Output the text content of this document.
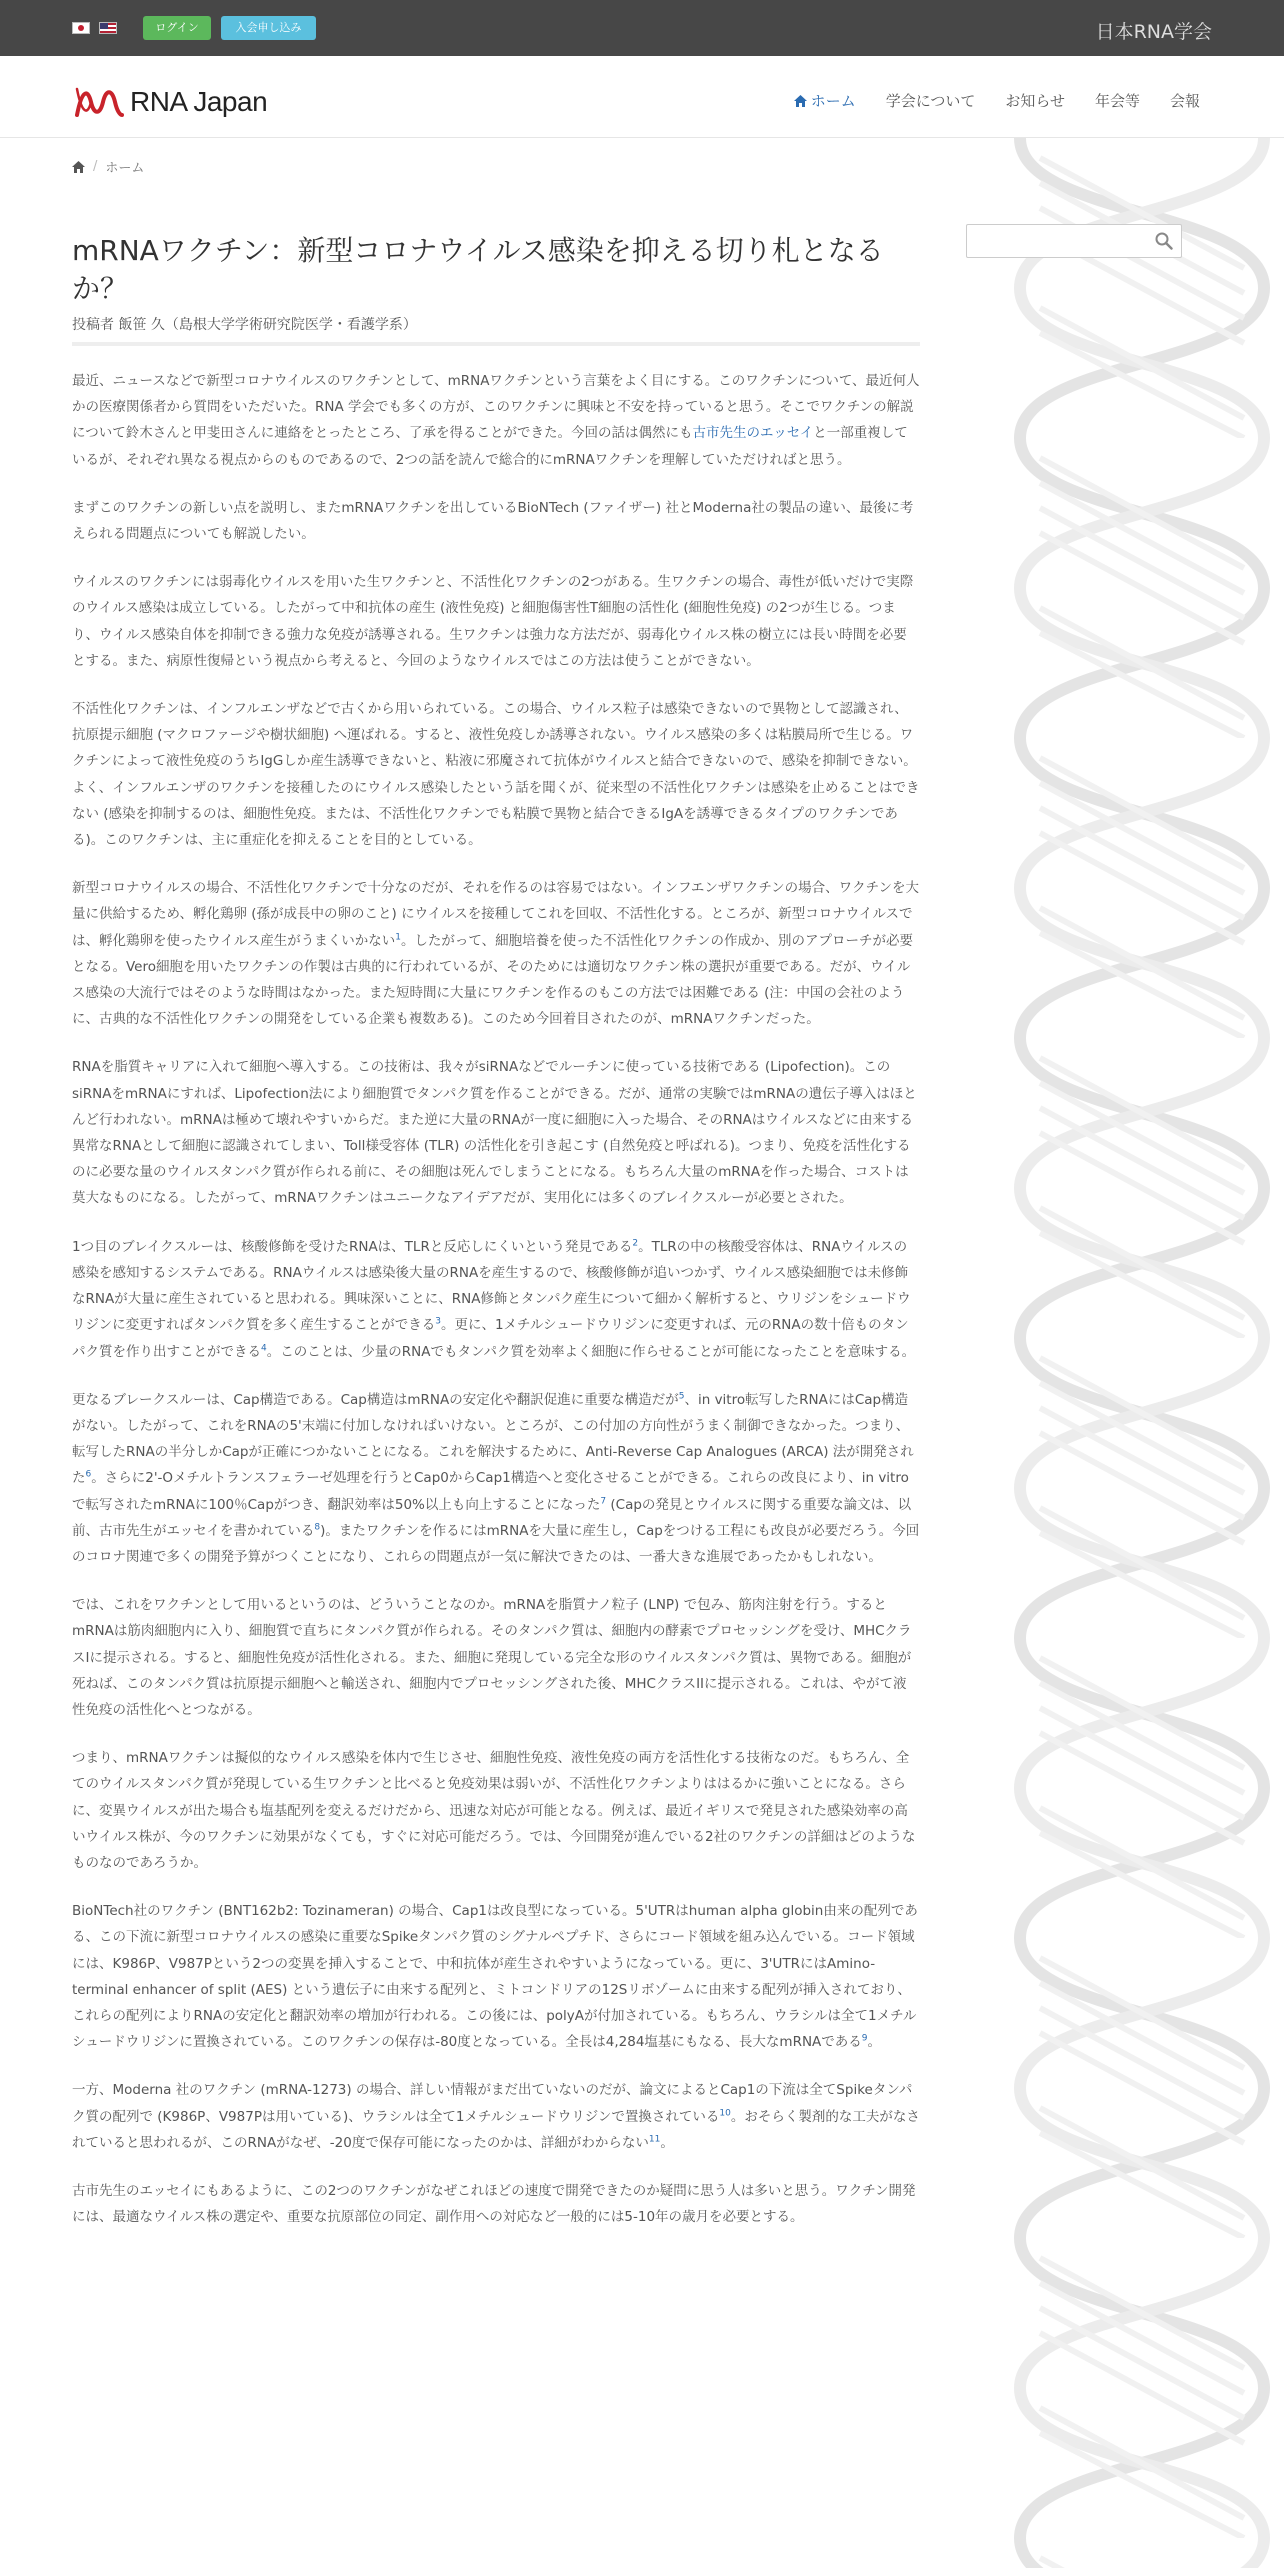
ログイン	入会申し込み	日本RNA学会
RNA Japan	ホーム 学会について お知らせ 年会等 会報
/ ホーム
mRNAワクチン：新型コロナウイルス感染を抑える切り札となるか？
投稿者 飯笹 久（島根大学学術研究院医学・看護学系）

最近、ニュースなどで新型コロナウイルスのワクチンとして、mRNAワクチンという言葉をよく目にする。このワクチンについて、最近何人かの医療関係者から質問をいただいた。RNA 学会でも多くの方が、このワクチンに興味と不安を持っていると思う。そこでワクチンの解説について鈴木さんと甲斐田さんに連絡をとったところ、了承を得ることができた。今回の話は偶然にも古市先生のエッセイと一部重複しているが、それぞれ異なる視点からのものであるので、2つの話を読んで総合的にmRNAワクチンを理解していただければと思う。

まずこのワクチンの新しい点を説明し、またmRNAワクチンを出しているBioNTech (ファイザー) 社とModerna社の製品の違い、最後に考えられる問題点についても解説したい。

ウイルスのワクチンには弱毒化ウイルスを用いた生ワクチンと、不活性化ワクチンの2つがある。生ワクチンの場合、毒性が低いだけで実際のウイルス感染は成立している。したがって中和抗体の産生 (液性免疫) と細胞傷害性T細胞の活性化 (細胞性免疫) の2つが生じる。つまり、ウイルス感染自体を抑制できる強力な免疫が誘導される。生ワクチンは強力な方法だが、弱毒化ウイルス株の樹立には長い時間を必要とする。また、病原性復帰という視点から考えると、今回のようなウイルスではこの方法は使うことができない。

不活性化ワクチンは、インフルエンザなどで古くから用いられている。この場合、ウイルス粒子は感染できないので異物として認識され、抗原提示細胞 (マクロファージや樹状細胞) へ運ばれる。すると、液性免疫しか誘導されない。ウイルス感染の多くは粘膜局所で生じる。ワクチンによって液性免疫のうちIgGしか産生誘導できないと、粘液に邪魔されて抗体がウイルスと結合できないので、感染を抑制できない。よく、インフルエンザのワクチンを接種したのにウイルス感染したという話を聞くが、従来型の不活性化ワクチンは感染を止めることはできない (感染を抑制するのは、細胞性免疫。または、不活性化ワクチンでも粘膜で異物と結合できるIgAを誘導できるタイプのワクチンである)。このワクチンは、主に重症化を抑えることを目的としている。

新型コロナウイルスの場合、不活性化ワクチンで十分なのだが、それを作るのは容易ではない。インフエンザワクチンの場合、ワクチンを大量に供給するため、孵化鶏卵 (孫が成長中の卵のこと) にウイルスを接種してこれを回収、不活性化する。ところが、新型コロナウイルスでは、孵化鶏卵を使ったウイルス産生がうまくいかない$^1$。したがって、細胞培養を使った不活性化ワクチンの作成か、別のアプローチが必要となる。Vero細胞を用いたワクチンの作製は古典的に行われているが、そのためには適切なワクチン株の選択が重要である。だが、ウイルス感染の大流行ではそのような時間はなかった。また短時間に大量にワクチンを作るのもこの方法では困難である (注：中国の会社のように、古典的な不活性化ワクチンの開発をしている企業も複数ある)。このため今回着目されたのが、mRNAワクチンだった。

RNAを脂質キャリアに入れて細胞へ導入する。この技術は、我々がsiRNAなどでルーチンに使っている技術である (Lipofection)。このsiRNAをmRNAにすれば、Lipofection法により細胞質でタンパク質を作ることができる。だが、通常の実験ではmRNAの遺伝子導入はほとんど行われない。mRNAは極めて壊れやすいからだ。また逆に大量のRNAが一度に細胞に入った場合、そのRNAはウイルスなどに由来する異常なRNAとして細胞に認識されてしまい、Toll様受容体 (TLR) の活性化を引き起こす (自然免疫と呼ばれる)。つまり、免疫を活性化するのに必要な量のウイルスタンパク質が作られる前に、その細胞は死んでしまうことになる。もちろん大量のmRNAを作った場合、コストは莫大なものになる。したがって、mRNAワクチンはユニークなアイデアだが、実用化には多くのブレイクスルーが必要とされた。

1つ目のブレイクスルーは、核酸修飾を受けたRNAは、TLRと反応しにくいという発見である$^2$。TLRの中の核酸受容体は、RNAウイルスの感染を感知するシステムである。RNAウイルスは感染後大量のRNAを産生するので、核酸修飾が追いつかず、ウイルス感染細胞では未修飾なRNAが大量に産生されていると思われる。興味深いことに、RNA修飾とタンパク産生について細かく解析すると、ウリジンをシュードウリジンに変更すればタンパク質を多く産生することができる$^3$。更に、1メチルシュードウリジンに変更すれば、元のRNAの数十倍ものタンパク質を作り出すことができる$^4$。このことは、少量のRNAでもタンパク質を効率よく細胞に作らせることが可能になったことを意味する。

更なるブレークスルーは、Cap構造である。Cap構造はmRNAの安定化や翻訳促進に重要な構造だが$^5$、in vitro転写したRNAにはCap構造がない。したがって、これをRNAの5'末端に付加しなければいけない。ところが、この付加の方向性がうまく制御できなかった。つまり、転写したRNAの半分しかCapが正確につかないことになる。これを解決するために、Anti-Reverse Cap Analogues (ARCA) 法が開発された$^6$。さらに2'-Oメチルトランスフェラーゼ処理を行うとCap0からCap1構造へと変化させることができる。これらの改良により、in vitroで転写されたmRNAに100％Capがつき、翻訳効率は50%以上も向上することになった$^7$ (Capの発見とウイルスに関する重要な論文は、以前、古市先生がエッセイを書かれている$^8$)。またワクチンを作るにはmRNAを大量に産生し，Capをつける工程にも改良が必要だろう。今回のコロナ関連で多くの開発予算がつくことになり、これらの問題点が一気に解決できたのは、一番大きな進展であったかもしれない。

では、これをワクチンとして用いるというのは、どういうことなのか。mRNAを脂質ナノ粒子 (LNP) で包み、筋肉注射を行う。するとmRNAは筋肉細胞内に入り、細胞質で直ちにタンパク質が作られる。そのタンパク質は、細胞内の酵素でプロセッシングを受け、MHCクラスIに提示される。すると、細胞性免疫が活性化される。また、細胞に発現している完全な形のウイルスタンパク質は、異物である。細胞が死ねば、このタンパク質は抗原提示細胞へと輸送され、細胞内でプロセッシングされた後、MHCクラスIIに提示される。これは、やがて液性免疫の活性化へとつながる。

つまり、mRNAワクチンは擬似的なウイルス感染を体内で生じさせ、細胞性免疫、液性免疫の両方を活性化する技術なのだ。もちろん、全てのウイルスタンパク質が発現している生ワクチンと比べると免疫効果は弱いが、不活性化ワクチンよりははるかに強いことになる。さらに、変異ウイルスが出た場合も塩基配列を変えるだけだから、迅速な対応が可能となる。例えば、最近イギリスで発見された感染効率の高いウイルス株が、今のワクチンに効果がなくても，すぐに対応可能だろう。では、今回開発が進んでいる2社のワクチンの詳細はどのようなものなのであろうか。

BioNTech社のワクチン (BNT162b2: Tozinameran) の場合、Cap1は改良型になっている。5'UTRはhuman alpha globin由来の配列である、この下流に新型コロナウイルスの感染に重要なSpikeタンパク質のシグナルペプチド、さらにコード領域を組み込んでいる。コード領域には、K986P、V987Pという2つの変異を挿入することで、中和抗体が産生されやすいようになっている。更に、3'UTRにはAmino-terminal enhancer of split (AES) という遺伝子に由来する配列と、ミトコンドリアの12Sリボゾームに由来する配列が挿入されており、これらの配列によりRNAの安定化と翻訳効率の増加が行われる。この後には、polyAが付加されている。もちろん、ウラシルは全て1メチルシュードウリジンに置換されている。このワクチンの保存は-80度となっている。全長は4,284塩基にもなる、長大なmRNAである$^9$。

一方、Moderna 社のワクチン (mRNA-1273) の場合、詳しい情報がまだ出ていないのだが、論文によるとCap1の下流は全てSpikeタンパク質の配列で (K986P、V987Pは用いている)、ウラシルは全て1メチルシュードウリジンで置換されている$^{10}$。おそらく製剤的な工夫がなされていると思われるが、このRNAがなぜ、-20度で保存可能になったのかは、詳細がわからない$^{11}$。

古市先生のエッセイにもあるように、この2つのワクチンがなぜこれほどの速度で開発できたのか疑問に思う人は多いと思う。ワクチン開発には、最適なウイルス株の選定や、重要な抗原部位の同定、副作用への対応など一般的には5-10年の歳月を必要とする。
